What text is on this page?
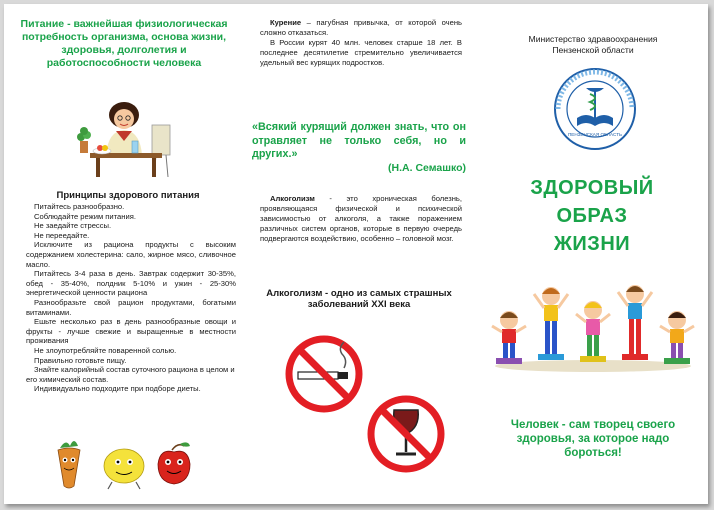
Питание - важнейшая физиологическая потребность организма, основа жизни, здоровья, долголетия и работоспособности человека
Принципы здорового питания

Питайтесь разнообразно.

Соблюдайте режим питания.

Не заедайте стрессы.

Не переедайте.

Исключите из рациона продукты с высоким содержанием холестерина: сало, жирное мясо, сливочное масло.

Питайтесь 3-4 раза в день. Завтрак содержит 30-35%, обед - 35-40%, полдник 5-10% и ужин - 25-30% энергетической ценности рациона

Разнообразьте свой рацион продуктами, богатыми витаминами.

Ешьте несколько раз в день разнообразные овощи и фрукты - лучше свежие и выращенные в местности проживания

Не злоупотребляйте поваренной солью.

Правильно готовьте пищу.

Знайте калорийный состав суточного рациона в целом и его химический состав.

Индивидуально подходите при подборе диеты.

Курение – пагубная привычка, от которой очень сложно отказаться.

В России курят 40 млн. человек старше 18 лет. В последнее десятилетие стремительно увеличивается удельный вес курящих подростков.

«Всякий курящий должен знать, что он отравляет не только себя, но и других.»
(Н.А. Семашко)
Алкоголизм - это хроническая болезнь, проявляющаяся физической и психической зависимостью от алкоголя, а также поражением различных систем органов, которые в первую очередь подвергаются воздействию, особенно – головной мозг.
Алкоголизм - одно из самых страшных заболеваний XXI века
Министерство здравоохранения
Пензенской области
ПЕНЗЕНСКАЯ ОБЛАСТЬ
ЗДОРОВЫЙ
ОБРАЗ
ЖИЗНИ
Человек - сам творец своего здоровья, за которое надо бороться!
